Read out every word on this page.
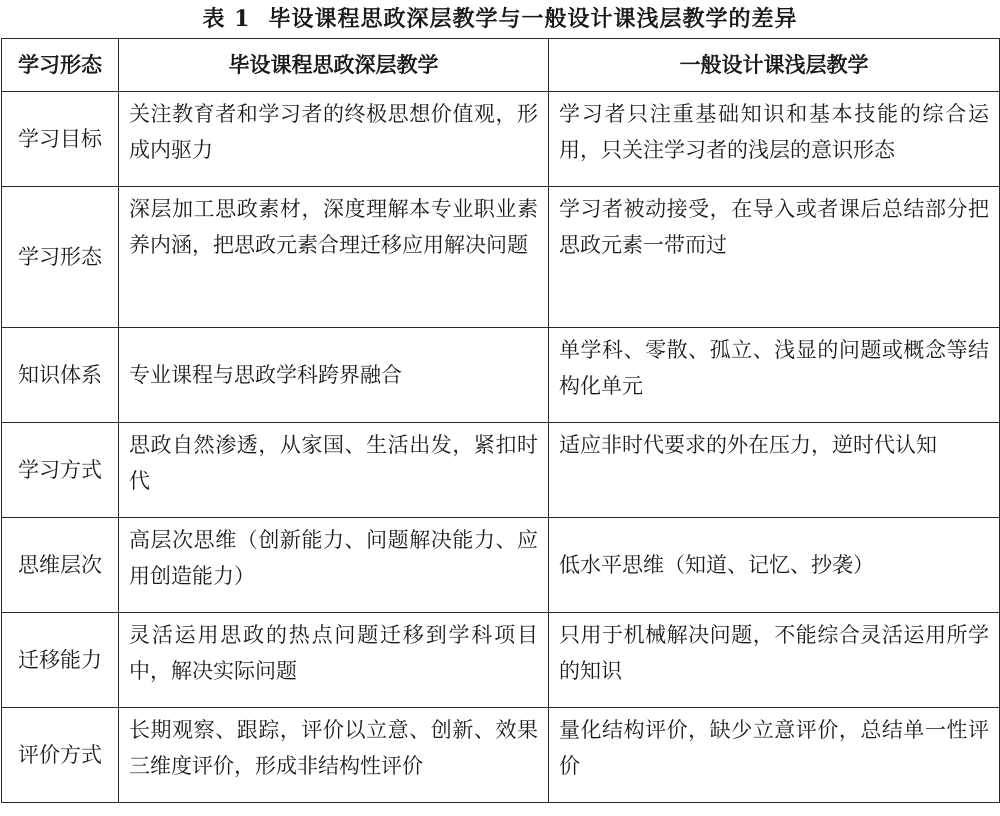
表 1 毕设课程思政深层教学与一般设计课浅层教学的差异
学习形态	毕设课程思政深层教学	一般设计课浅层教学
学习目标	关注教育者和学习者的终极思想价值观，形成内驱力	学习者只注重基础知识和基本技能的综合运用，只关注学习者的浅层的意识形态
学习形态	深层加工思政素材，深度理解本专业职业素养内涵，把思政元素合理迁移应用解决问题	学习者被动接受，在导入或者课后总结部分把思政元素一带而过
知识体系	专业课程与思政学科跨界融合	单学科、零散、孤立、浅显的问题或概念等结构化单元
学习方式	思政自然渗透，从家国、生活出发，紧扣时代	适应非时代要求的外在压力，逆时代认知
思维层次	高层次思维（创新能力、问题解决能力、应用创造能力）	低水平思维（知道、记忆、抄袭）
迁移能力	灵活运用思政的热点问题迁移到学科项目中，解决实际问题	只用于机械解决问题，不能综合灵活运用所学的知识
评价方式	长期观察、跟踪，评价以立意、创新、效果三维度评价，形成非结构性评价	量化结构评价，缺少立意评价，总结单一性评价
